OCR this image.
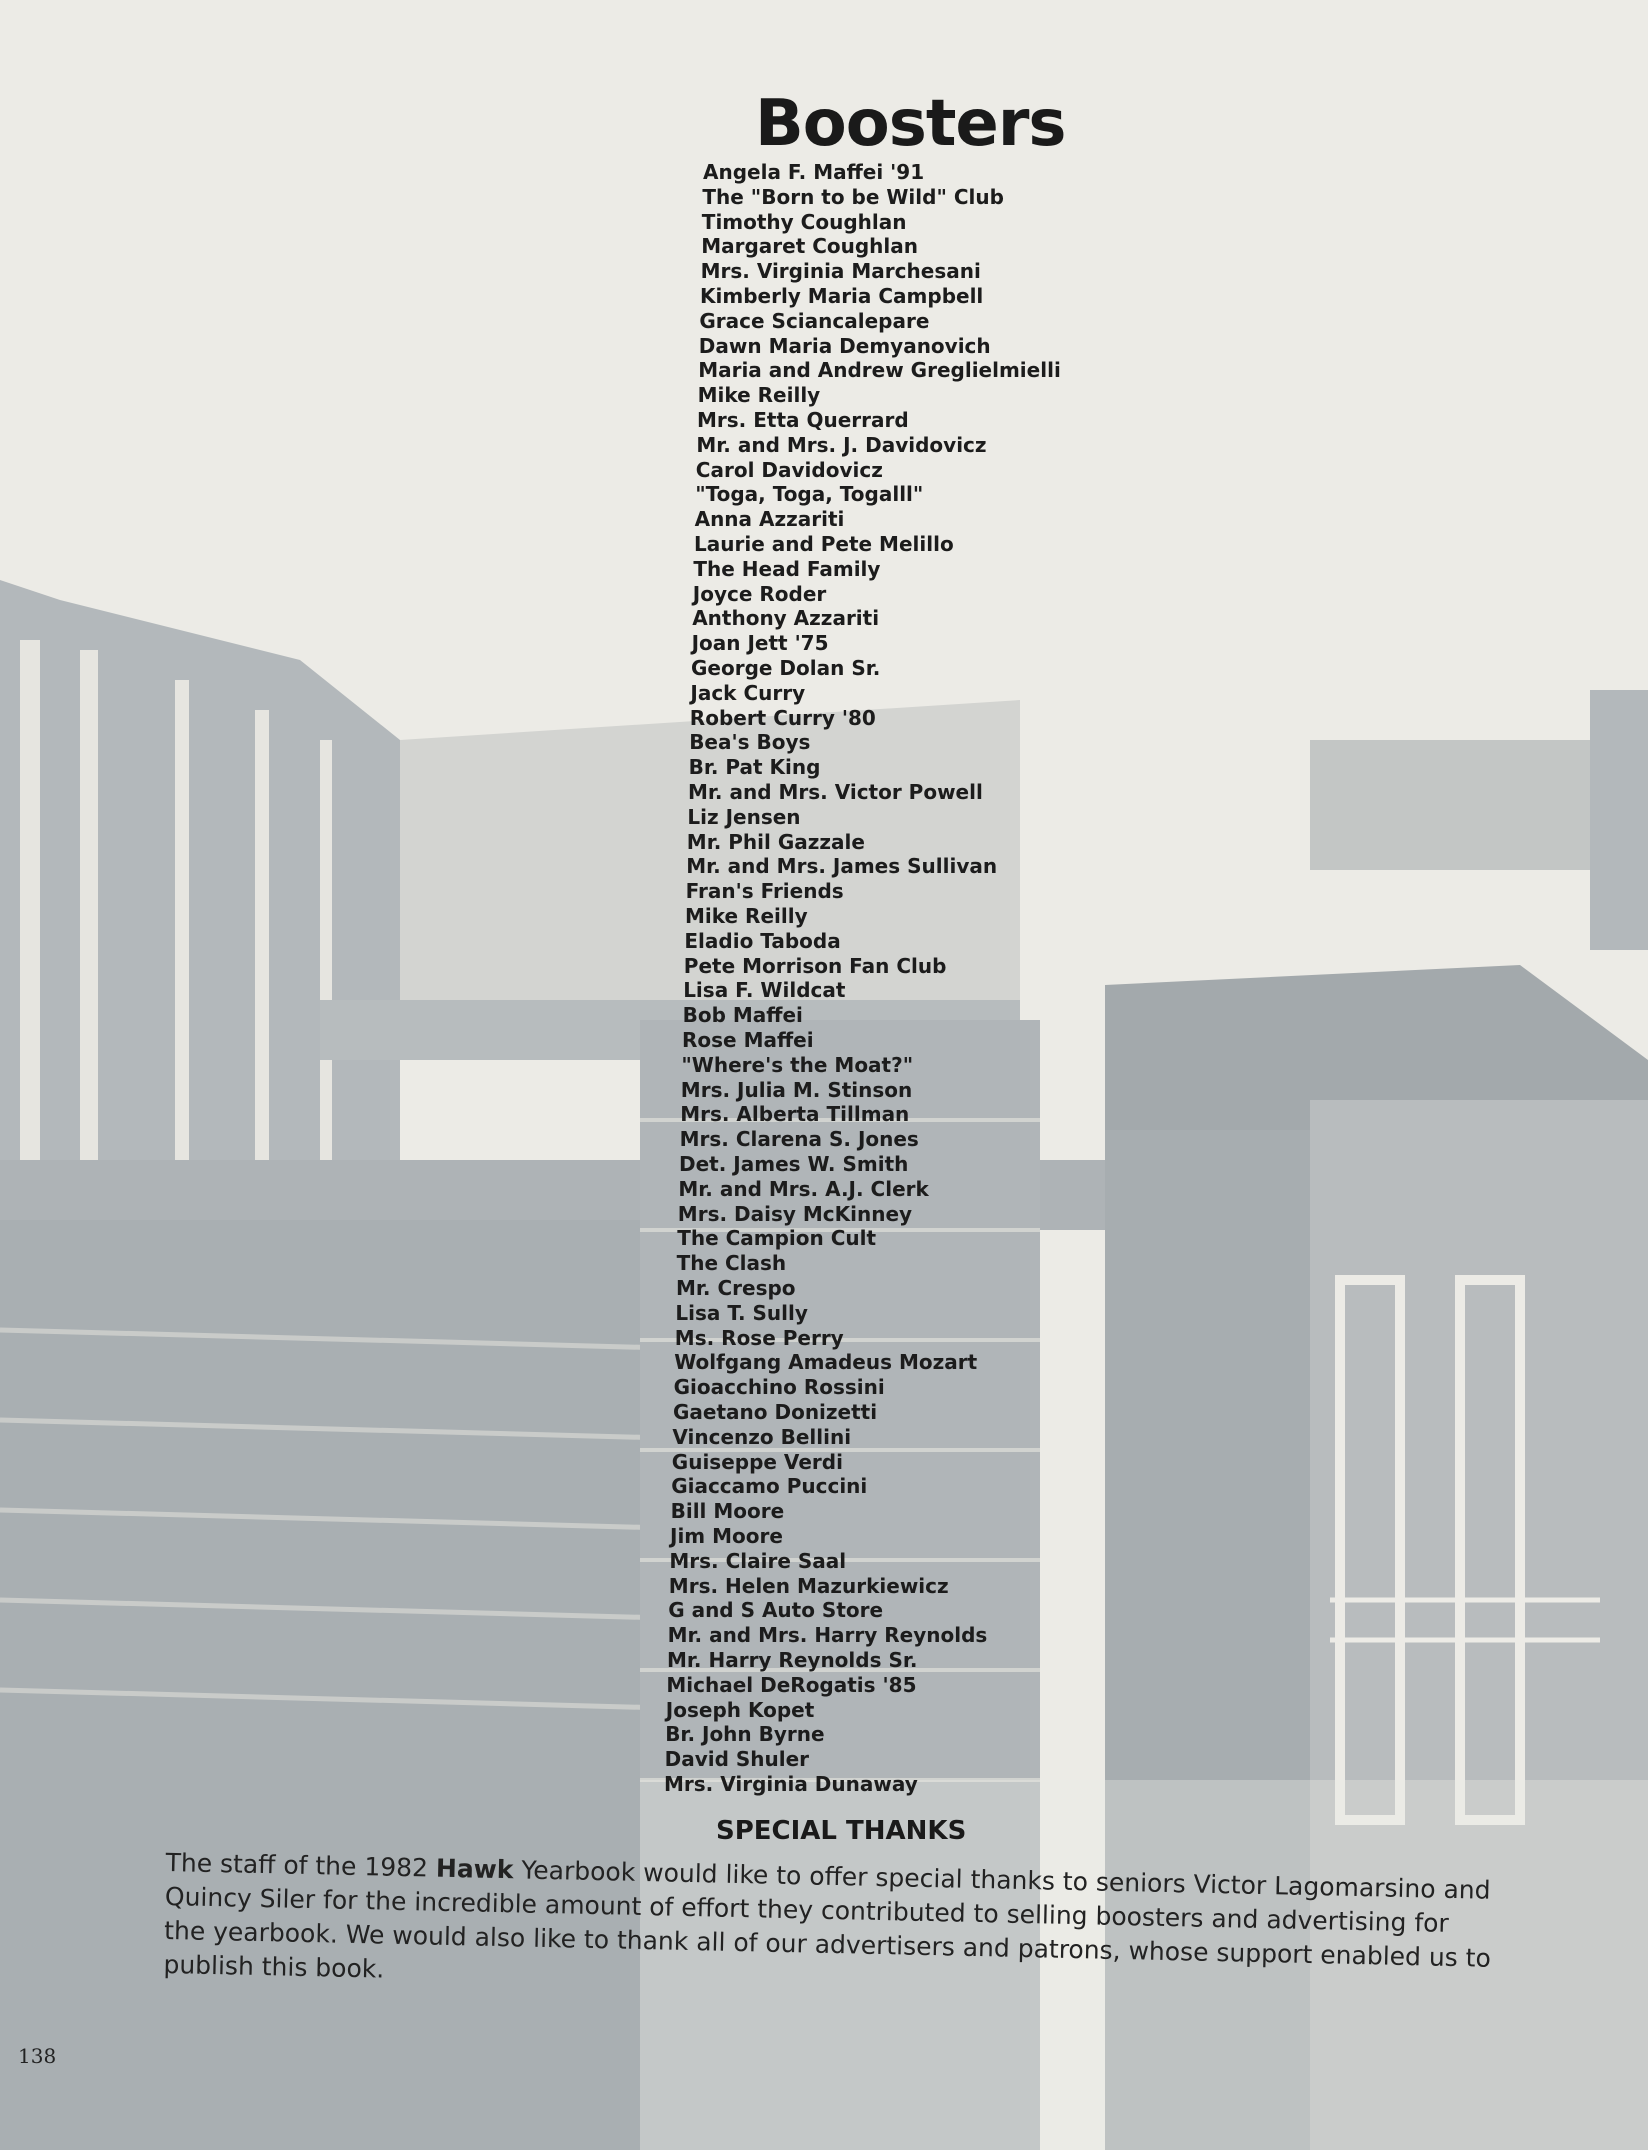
Boosters
Angela F. Maffei '91
The "Born to be Wild" Club
Timothy Coughlan
Margaret Coughlan
Mrs. Virginia Marchesani
Kimberly Maria Campbell
Grace Sciancalepare
Dawn Maria Demyanovich
Maria and Andrew Greglielmielli
Mike Reilly
Mrs. Etta Querrard
Mr. and Mrs. J. Davidovicz
Carol Davidovicz
"Toga, Toga, Togalll"
Anna Azzariti
Laurie and Pete Melillo
The Head Family
Joyce Roder
Anthony Azzariti
Joan Jett '75
George Dolan Sr.
Jack Curry
Robert Curry '80
Bea's Boys
Br. Pat King
Mr. and Mrs. Victor Powell
Liz Jensen
Mr. Phil Gazzale
Mr. and Mrs. James Sullivan
Fran's Friends
Mike Reilly
Eladio Taboda
Pete Morrison Fan Club
Lisa F. Wildcat
Bob Maffei
Rose Maffei
"Where's the Moat?"
Mrs. Julia M. Stinson
Mrs. Alberta Tillman
Mrs. Clarena S. Jones
Det. James W. Smith
Mr. and Mrs. A.J. Clerk
Mrs. Daisy McKinney
The Campion Cult
The Clash
Mr. Crespo
Lisa T. Sully
Ms. Rose Perry
Wolfgang Amadeus Mozart
Gioacchino Rossini
Gaetano Donizetti
Vincenzo Bellini
Guiseppe Verdi
Giaccamo Puccini
Bill Moore
Jim Moore
Mrs. Claire Saal
Mrs. Helen Mazurkiewicz
G and S Auto Store
Mr. and Mrs. Harry Reynolds
Mr. Harry Reynolds Sr.
Michael DeRogatis '85
Joseph Kopet
Br. John Byrne
David Shuler
Mrs. Virginia Dunaway
SPECIAL THANKS

The staff of the 1982 Hawk Yearbook would like to offer special thanks to seniors Victor Lagomarsino and Quincy Siler for the incredible amount of effort they contributed to selling boosters and advertising for the yearbook. We would also like to thank all of our advertisers and patrons, whose support enabled us to publish this book.

138
